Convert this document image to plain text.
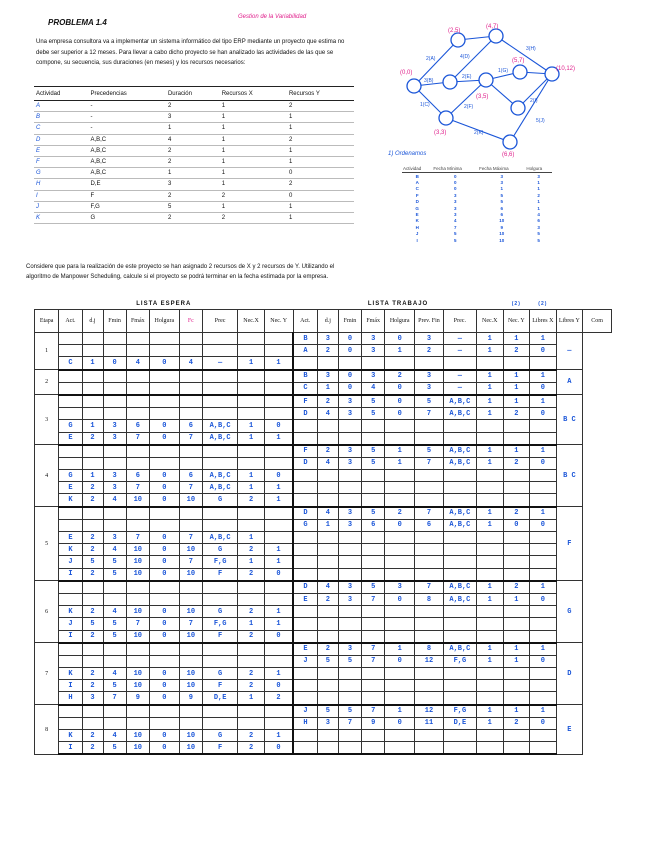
PROBLEMA 1.4
Gestion de la Variabilidad
Una empresa consultora va a implementar un sistema informático del tipo ERP mediante un proyecto que estima no debe ser superior a 12 meses. Para llevar a cabo dicho proyecto se han analizado las actividades de las que se compone, su secuencia, sus duraciones (en meses) y los recursos necesarios:
Actividad	Precedencias	Duración	Recursos X	Recursos Y
A	-	2	1	2
B	-	3	1	1
C	-	1	1	1
D	A,B,C	4	1	2
E	A,B,C	2	1	1
F	A,B,C	2	1	1
G	A,B,C	1	1	0
H	D,E	3	1	2
I	F	2	2	0
J	F,G	5	1	1
K	G	2	2	1
(0,0)
(2,5)
(4,7)
(3,3)
(3,5)
(5,7)
(10,12)
(6,6)
2(A)
3(B)
1(C)
4(D)
2(E)
2(F)
1(G)
3(H)
2(I)
5(J)
2(K)
1) Ordenamos
Actividad	Fecha Mínima	Fecha Máxima	Holgura
B	0	3	3
A	0	3	1
C	0	1	1
F	3	5	2
D	3	5	1
G	3	6	1
E	3	6	4
K	4	10	6
H	7	9	3
J	5	10	5
I	5	10	5
Considere que para la realización de este proyecto se han asignado 2 recursos de X y 2 recursos de Y. Utilizando el algoritmo de Manpower Scheduling, calcule si el proyecto se podrá terminar en la fecha estimada por la empresa.
LISTA ESPERA										LISTA TRABAJO								(2)	(2)		
Etapa	Act.	d.j	Fmin	Fmáx	Holgura	Fc	Prec	Nec.X	Nec. Y	Act.	d.j	Fmin	Fmáx	Holgura	Prev. Fin	Prec.	Nec.X	Nec. Y	Libres X	Libres Y	Com
1										B	3	0	3	0	3	—	1	1	1	—	
										A	2	0	3	1	2	—	1	2	0		
	C	1	0	4	0	4	—	1	1												
2										B	3	0	3	2	3	—	1	1	1	A	
										C	1	0	4	0	3	—	1	1	0		
3										F	2	3	5	0	5	A,B,C	1	1	1	B C	
										D	4	3	5	0	7	A,B,C	1	2	0		
	G	1	3	6	0	6	A,B,C	1	0												
	E	2	3	7	0	7	A,B,C	1	1												
4										F	2	3	5	1	5	A,B,C	1	1	1	B C	
										D	4	3	5	1	7	A,B,C	1	2	0		
	G	1	3	6	0	6	A,B,C	1	0												
	E	2	3	7	0	7	A,B,C	1	1												
	K	2	4	10	0	10	G	2	1												
5										D	4	3	5	2	7	A,B,C	1	2	1	F	
										G	1	3	6	0	6	A,B,C	1	0	0		
	E	2	3	7	0	7	A,B,C	1													
	K	2	4	10	0	10	G	2	1												
	J	5	5	10	0	7	F,G	1	1												
	I	2	5	10	0	10	F	2	0												
6										D	4	3	5	3	7	A,B,C	1	2	1	G	
										E	2	3	7	0	8	A,B,C	1	1	0		
	K	2	4	10	0	10	G	2	1												
	J	5	5	7	0	7	F,G	1	1												
	I	2	5	10	0	10	F	2	0												
7										E	2	3	7	1	8	A,B,C	1	1	1	D	
										J	5	5	7	0	12	F,G	1	1	0		
	K	2	4	10	0	10	G	2	1												
	I	2	5	10	0	10	F	2	0												
	H	3	7	9	0	9	D,E	1	2												
8										J	5	5	7	1	12	F,G	1	1	1	E	
										H	3	7	9	0	11	D,E	1	2	0		
	K	2	4	10	0	10	G	2	1												
	I	2	5	10	0	10	F	2	0												
